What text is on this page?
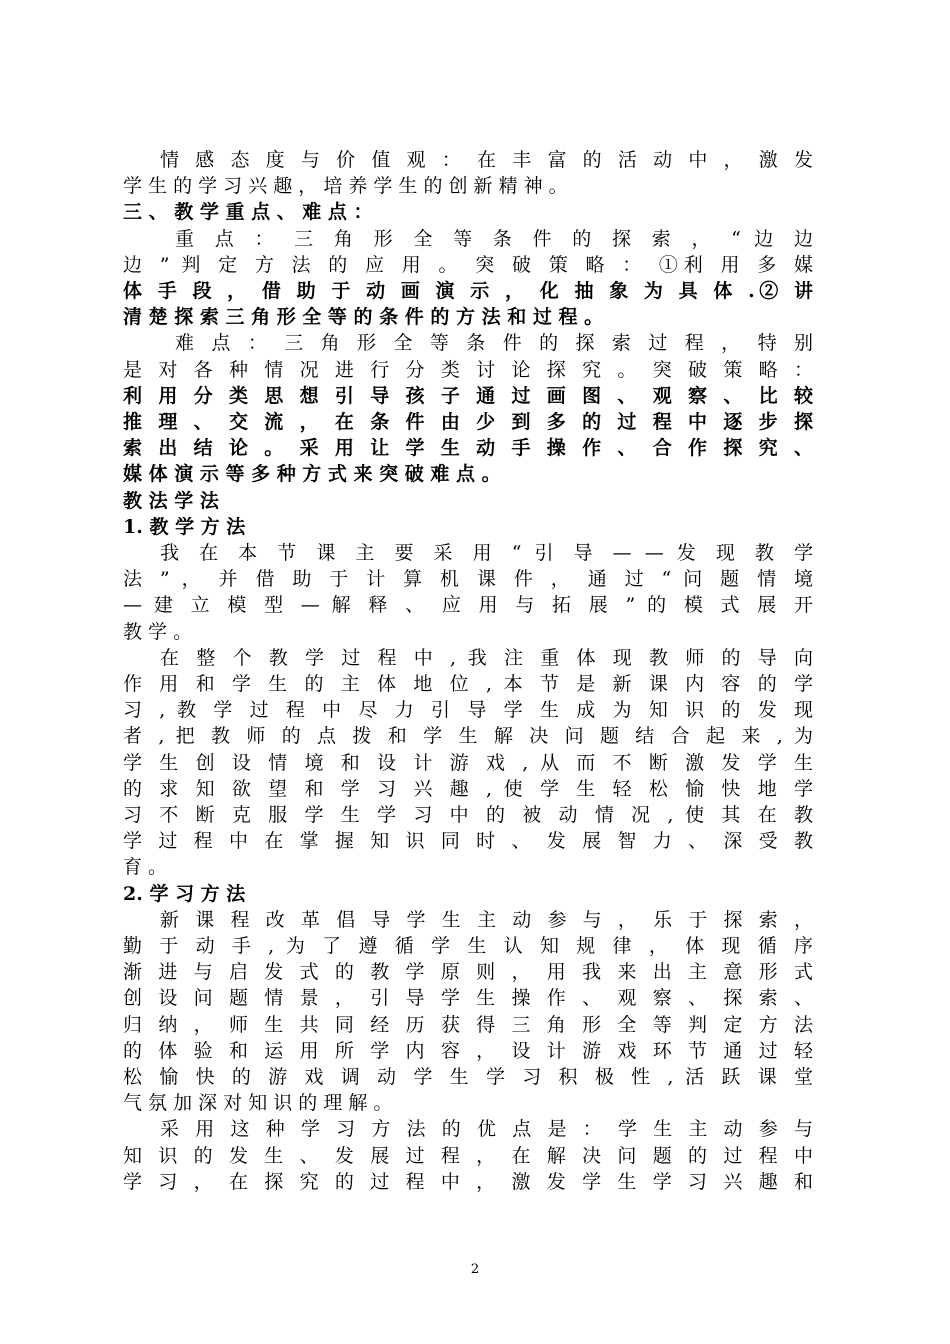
情 感 态 度 与 价 值 观 ： 在 丰 富 的 活 动 中 ， 激 发
学 生 的 学 习 兴 趣 ， 培 养 学 生 的 创 新 精 神 。
三 、 教 学 重 点 、 难 点 ：
重 点 ： 三 角 形 全 等 条 件 的 探 索 ， “ 边 边
边 ” 判 定 方 法 的 应 用 。 突 破 策 略 ： ①利 用 多 媒
体 手 段 ， 借 助 于 动 画 演 示 ， 化 抽 象 为 具 体 .② 讲
清 楚 探 索 三 角 形 全 等 的 条 件 的 方 法 和 过 程 。
难 点 ： 三 角 形 全 等 条 件 的 探 索 过 程 ， 特 别
是 对 各 种 情 况 进 行 分 类 讨 论 探 究 。 突 破 策 略 ：
利 用 分 类 思 想 引 导 孩 子 通 过 画 图 、 观 察 、 比 较
推 理 、 交 流 ， 在 条 件 由 少 到 多 的 过 程 中 逐 步 探
索 出 结 论 。 采 用 让 学 生 动 手 操 作 、 合 作 探 究 、
媒 体 演 示 等 多 种 方 式 来 突 破 难 点 。
教 法 学 法
1. 教 学 方 法
我 在 本 节 课 主 要 采 用 “ 引 导 — — 发 现 教 学
法 ” ， 并 借 助 于 计 算 机 课 件 ， 通 过 “ 问 题 情 境
— 建 立 模 型 — 解 释 、 应 用 与 拓 展 ” 的 模 式 展 开
教 学 。
在 整 个 教 学 过 程 中 , 我 注 重 体 现 教 师 的 导 向
作 用 和 学 生 的 主 体 地 位 , 本 节 是 新 课 内 容 的 学
习 , 教 学 过 程 中 尽 力 引 导 学 生 成 为 知 识 的 发 现
者 , 把 教 师 的 点 拨 和 学 生 解 决 问 题 结 合 起 来 , 为
学 生 创 设 情 境 和 设 计 游 戏 , 从 而 不 断 激 发 学 生
的 求 知 欲 望 和 学 习 兴 趣 , 使 学 生 轻 松 愉 快 地 学
习 不 断 克 服 学 生 学 习 中 的 被 动 情 况 , 使 其 在 教
学 过 程 中 在 掌 握 知 识 同 时 、 发 展 智 力 、 深 受 教
育 。
2. 学 习 方 法
新 课 程 改 革 倡 导 学 生 主 动 参 与 ， 乐 于 探 索 ，
勤 于 动 手 , 为 了 遵 循 学 生 认 知 规 律 ， 体 现 循 序
渐 进 与 启 发 式 的 教 学 原 则 ， 用 我 来 出 主 意 形 式
创 设 问 题 情 景 ， 引 导 学 生 操 作 、 观 察 、 探 索 、
归 纳 ， 师 生 共 同 经 历 获 得 三 角 形 全 等 判 定 方 法
的 体 验 和 运 用 所 学 内 容 ， 设 计 游 戏 环 节 通 过 轻
松 愉 快 的 游 戏 调 动 学 生 学 习 积 极 性 , 活 跃 课 堂
气 氛 加 深 对 知 识 的 理 解 。
采 用 这 种 学 习 方 法 的 优 点 是 ： 学 生 主 动 参 与
知 识 的 发 生 、 发 展 过 程 ， 在 解 决 问 题 的 过 程 中
学 习 ， 在 探 究 的 过 程 中 ， 激 发 学 生 学 习 兴 趣 和
2
